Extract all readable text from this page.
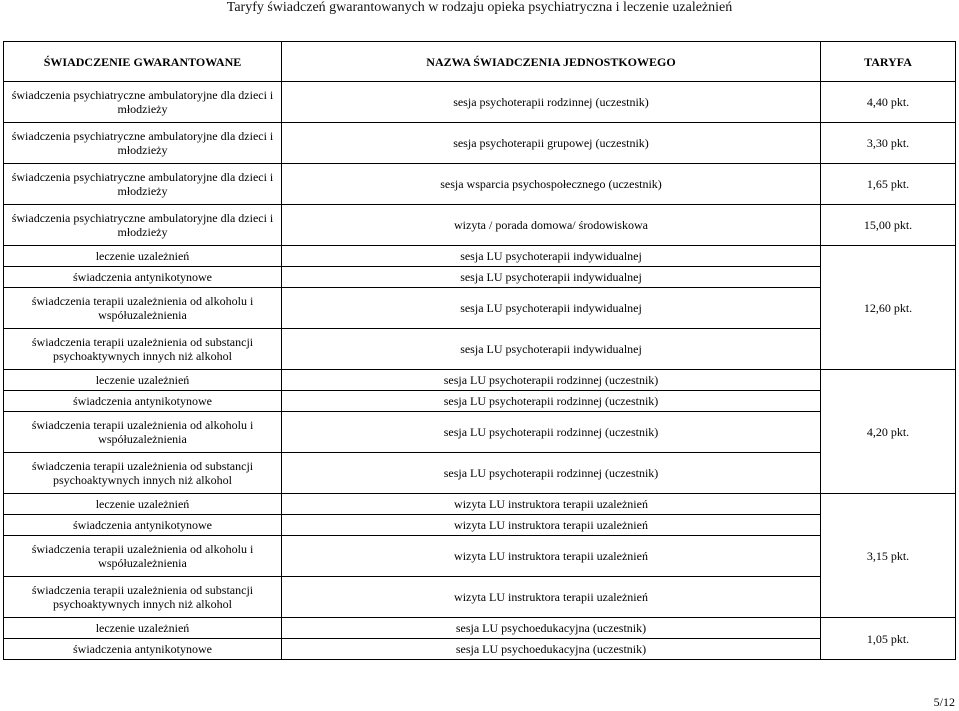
Taryfy świadczeń gwarantowanych w rodzaju opieka psychiatryczna i leczenie uzależnień
ŚWIADCZENIE GWARANTOWANE	NAZWA ŚWIADCZENIA JEDNOSTKOWEGO	TARYFA
świadczenia psychiatryczne ambulatoryjne dla dzieci i młodzieży	sesja psychoterapii rodzinnej (uczestnik)	4,40 pkt.
świadczenia psychiatryczne ambulatoryjne dla dzieci i młodzieży	sesja psychoterapii grupowej (uczestnik)	3,30 pkt.
świadczenia psychiatryczne ambulatoryjne dla dzieci i młodzieży	sesja wsparcia psychospołecznego (uczestnik)	1,65 pkt.
świadczenia psychiatryczne ambulatoryjne dla dzieci i młodzieży	wizyta / porada domowa/ środowiskowa	15,00 pkt.
leczenie uzależnień	sesja LU psychoterapii indywidualnej	12,60 pkt.
świadczenia antynikotynowe	sesja LU psychoterapii indywidualnej	
świadczenia terapii uzależnienia od alkoholu i współuzależnienia	sesja LU psychoterapii indywidualnej	
świadczenia terapii uzależnienia od substancji psychoaktywnych innych niż alkohol	sesja LU psychoterapii indywidualnej	
leczenie uzależnień	sesja LU psychoterapii rodzinnej (uczestnik)	4,20 pkt.
świadczenia antynikotynowe	sesja LU psychoterapii rodzinnej (uczestnik)	
świadczenia terapii uzależnienia od alkoholu i współuzależnienia	sesja LU psychoterapii rodzinnej (uczestnik)	
świadczenia terapii uzależnienia od substancji psychoaktywnych innych niż alkohol	sesja LU psychoterapii rodzinnej (uczestnik)	
leczenie uzależnień	wizyta LU instruktora terapii uzależnień	3,15 pkt.
świadczenia antynikotynowe	wizyta LU instruktora terapii uzależnień	
świadczenia terapii uzależnienia od alkoholu i współuzależnienia	wizyta LU instruktora terapii uzależnień	
świadczenia terapii uzależnienia od substancji psychoaktywnych innych niż alkohol	wizyta LU instruktora terapii uzależnień	
leczenie uzależnień	sesja LU psychoedukacyjna (uczestnik)	1,05 pkt.
świadczenia antynikotynowe	sesja LU psychoedukacyjna (uczestnik)	
5/12
